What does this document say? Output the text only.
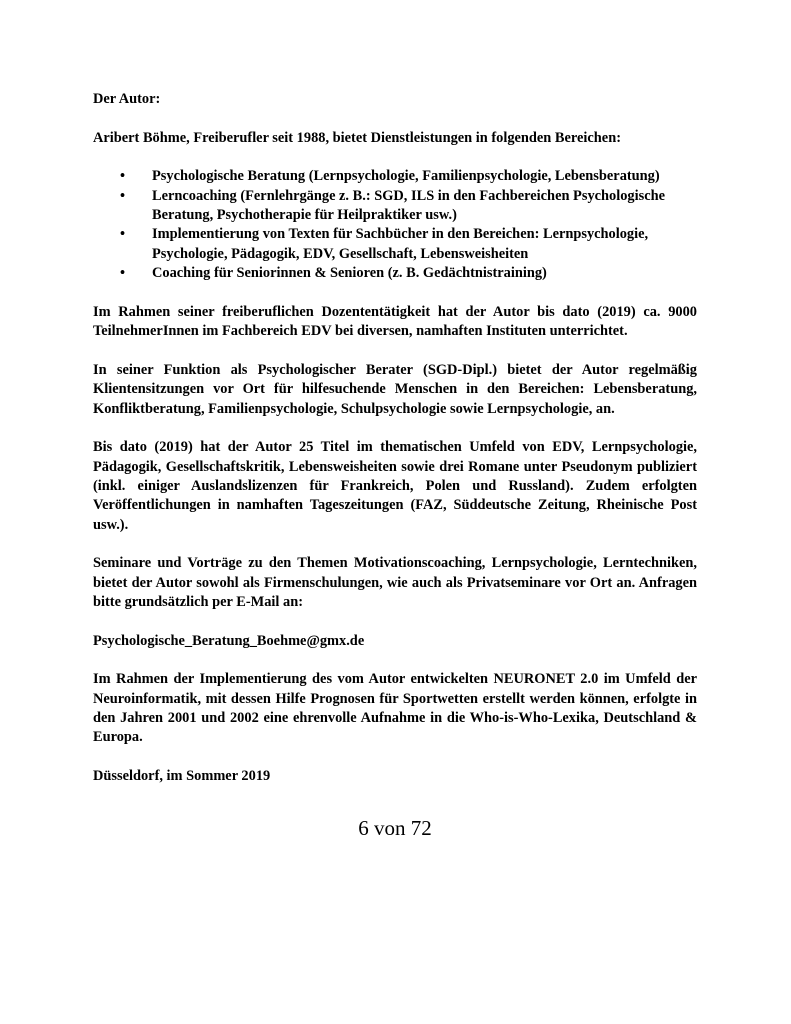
Der Autor:

Aribert Böhme, Freiberufler seit 1988, bietet Dienstleistungen in folgenden Bereichen:

• Psychologische Beratung (Lernpsychologie, Familienpsychologie, Lebensberatung)
• Lerncoaching (Fernlehrgänge z. B.: SGD, ILS in den Fachbereichen Psychologische Beratung, Psychotherapie für Heilpraktiker usw.)
• Implementierung von Texten für Sachbücher in den Bereichen: Lernpsychologie, Psychologie, Pädagogik, EDV, Gesellschaft, Lebensweisheiten
• Coaching für Seniorinnen & Senioren (z. B. Gedächtnistraining)

Im Rahmen seiner freiberuflichen Dozententätigkeit hat der Autor bis dato (2019) ca. 9000 TeilnehmerInnen im Fachbereich EDV bei diversen, namhaften Instituten unterrichtet.

In seiner Funktion als Psychologischer Berater (SGD-Dipl.) bietet der Autor regelmäßig Klientensitzungen vor Ort für hilfesuchende Menschen in den Bereichen: Lebensberatung, Konfliktberatung, Familienpsychologie, Schulpsychologie sowie Lernpsychologie, an.

Bis dato (2019) hat der Autor 25 Titel im thematischen Umfeld von EDV, Lernpsychologie, Pädagogik, Gesellschaftskritik, Lebensweisheiten sowie drei Romane unter Pseudonym publiziert (inkl. einiger Auslandslizenzen für Frankreich, Polen und Russland). Zudem erfolgten Veröffentlichungen in namhaften Tageszeitungen (FAZ, Süddeutsche Zeitung, Rheinische Post usw.).

Seminare und Vorträge zu den Themen Motivationscoaching, Lernpsychologie, Lerntechniken, bietet der Autor sowohl als Firmenschulungen, wie auch als Privatseminare vor Ort an. Anfragen bitte grundsätzlich per E-Mail an:

Psychologische_Beratung_Boehme@gmx.de

Im Rahmen der Implementierung des vom Autor entwickelten NEURONET 2.0 im Umfeld der Neuroinformatik, mit dessen Hilfe Prognosen für Sportwetten erstellt werden können, erfolgte in den Jahren 2001 und 2002 eine ehrenvolle Aufnahme in die Who-is-Who-Lexika, Deutschland & Europa.

Düsseldorf, im Sommer 2019

6 von 72
